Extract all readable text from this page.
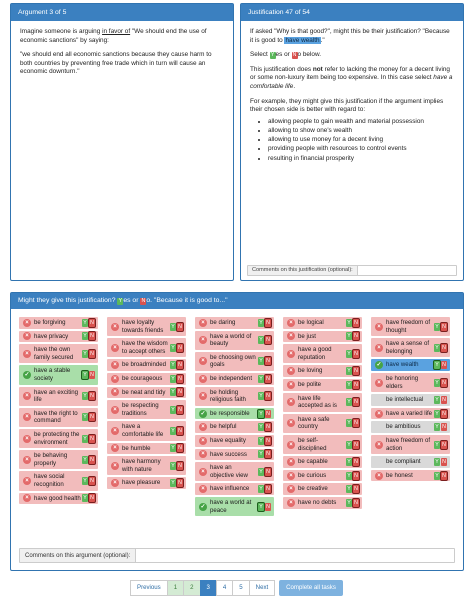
Argument 3 of 5

Imagine someone is arguing in favor of "We should end the use of economic sanctions" by saying:

"we should end all economic sanctions because they cause harm to both countries by preventing free trade which in turn will cause an economic downturn."

Justification 47 of 54

If asked "Why is that good?", might this be their justification? "Because it is good to have wealth."

Select Yes or No below.

This justification does not refer to lacking the money for a decent living or some non-luxury item being too expensive. In this case select have a comfortable life.

For example, they might give this justification if the argument implies their chosen side is better with regard to:

• allowing people to gain wealth and material possession
• allowing to show one's wealth
• allowing to use money for a decent living
• providing people with resources to control events
• resulting in financial prosperity
Comments on this justification (optional):
Might they give this justification? Yes or No. "Because it is good to..."
× be forgiving	Y N
× have privacy	Y N
×
have the own family secured	Y N
✓
have a stable society	Y N
×
have an exciting life	Y N
×
have the right to command	Y N
×
be protecting the environment	Y N
×
be behaving properly	Y N
×
have social recognition	Y N
× have good health Y N
×
have loyalty towards friends	Y N
×
have the wisdom to accept others	Y N
× be broadminded Y N
× be courageous Y N
× be neat and tidy Y N
×
be respecting traditions	Y N
×
have a comfortable life	Y N
× be humble	Y N
×
have harmony with nature	Y N
× have pleasure Y N
× be daring	Y N
×
have a world of beauty	Y N
×
be choosing own goals	Y N
× be independent Y N
×
be holding religious faith	Y N
✓ be responsible Y N
× be helpful	Y N
× have equality	Y N
× have success Y N
×
have an objective view	Y N
× have influence Y N
✓
have a world at peace	Y N
× be logical	Y N
× be just	Y N
×
have a good reputation	Y N
× be loving	Y N
× be polite	Y N
×
have life accepted as is	Y N
×
have a safe country	Y N
×
be self-disciplined	Y N
× be capable	Y N
× be curious	Y N
× be creative	Y N
× have no debts Y N
×
have freedom of thought	Y N
×
have a sense of belonging	Y N
✓ have wealth	Y N
×
be honoring elders	Y N
be intellectual Y N
× have a varied life Y N
be ambitious	Y N
×
have freedom of action	Y N
be compliant	Y N
× be honest	Y N
Comments on this argument (optional):
Previous	1	2	3	4	5	Next	Complete all tasks
